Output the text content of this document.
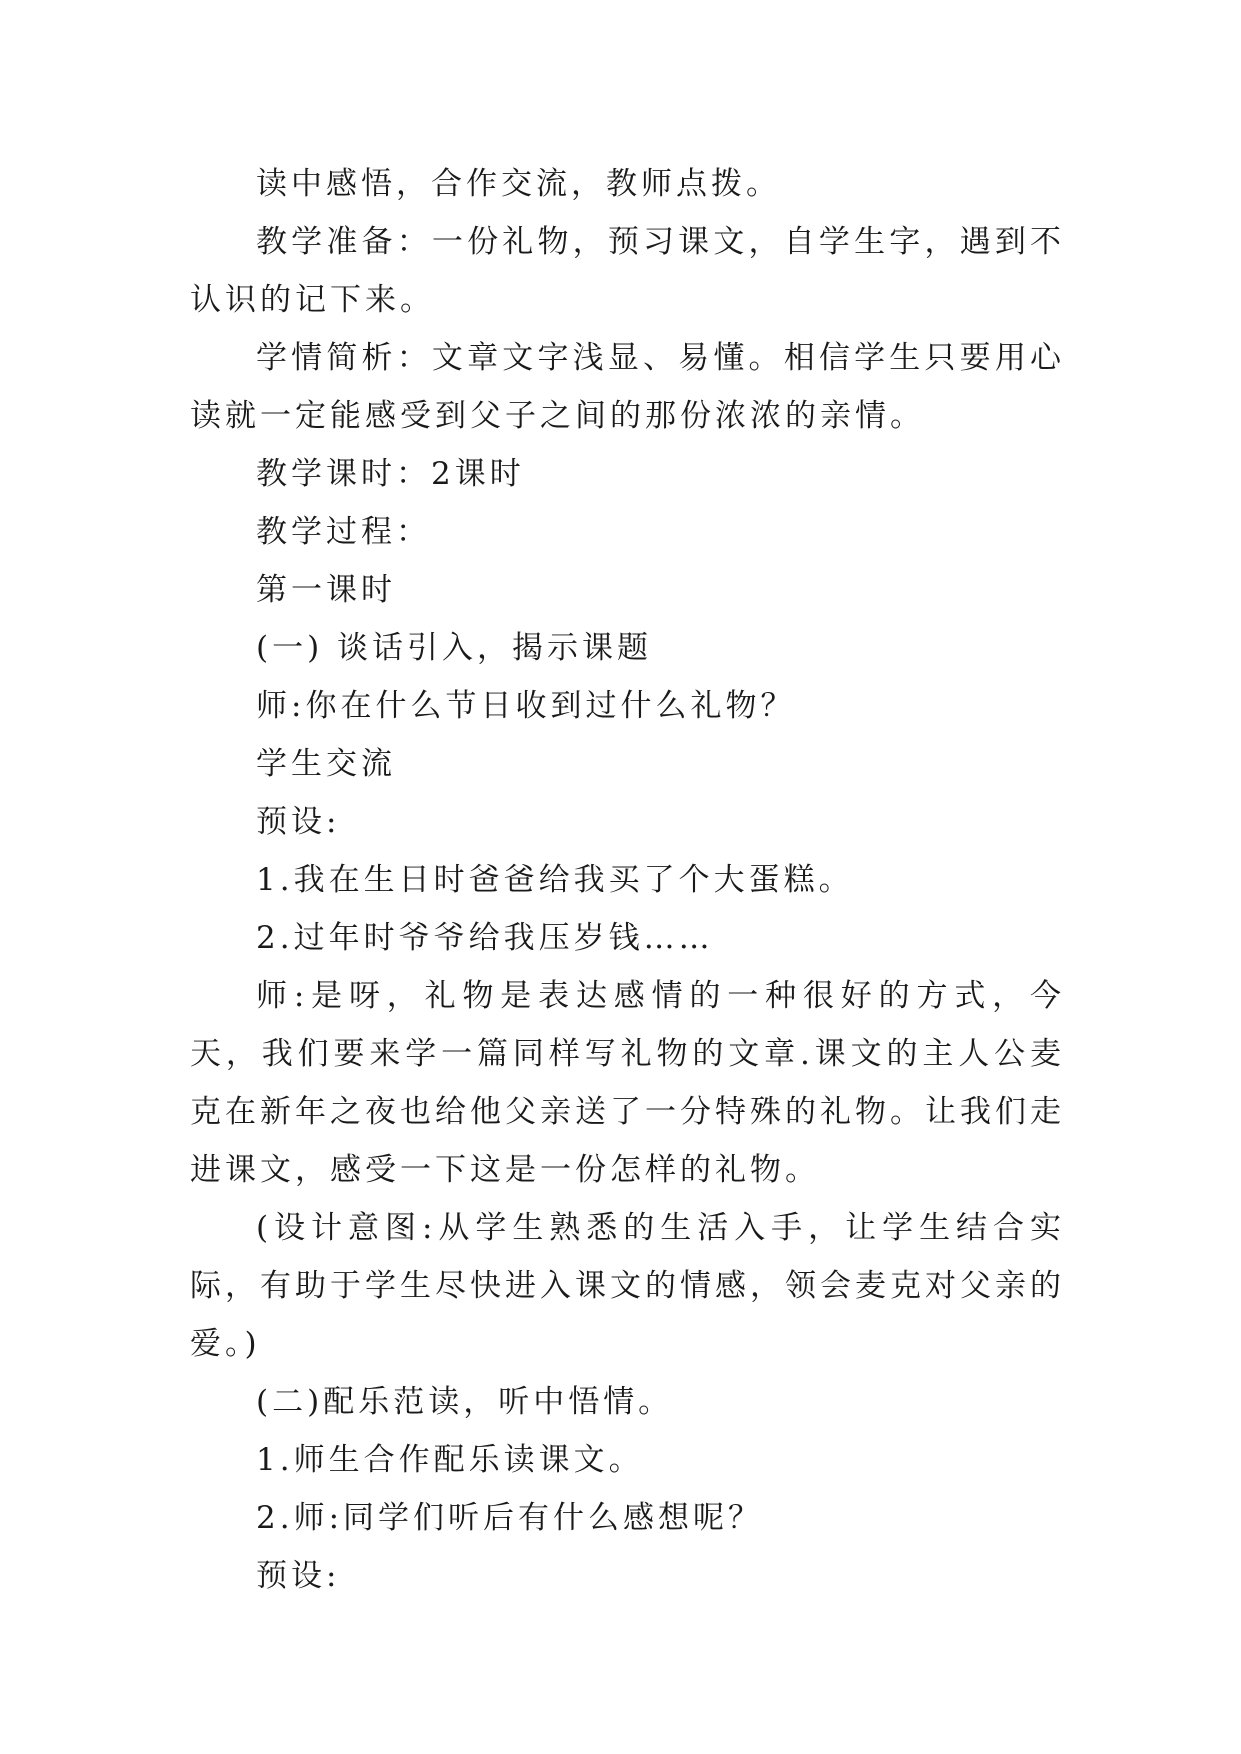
读中感悟，合作交流，教师点拨。

教学准备：一份礼物，预习课文，自学生字，遇到不认识的记下来。

学情简析：文章文字浅显、易懂。相信学生只要用心读就一定能感受到父子之间的那份浓浓的亲情。

教学课时：2课时

教学过程：

第一课时

(一) 谈话引入，揭示课题

师:你在什么节日收到过什么礼物？

学生交流

预设:

1.我在生日时爸爸给我买了个大蛋糕。

2.过年时爷爷给我压岁钱……

师:是呀，礼物是表达感情的一种很好的方式，今天，我们要来学一篇同样写礼物的文章.课文的主人公麦克在新年之夜也给他父亲送了一分特殊的礼物。让我们走进课文，感受一下这是一份怎样的礼物。

(设计意图:从学生熟悉的生活入手，让学生结合实际，有助于学生尽快进入课文的情感，领会麦克对父亲的爱。)

(二)配乐范读，听中悟情。

1.师生合作配乐读课文。

2.师:同学们听后有什么感想呢？

预设:
